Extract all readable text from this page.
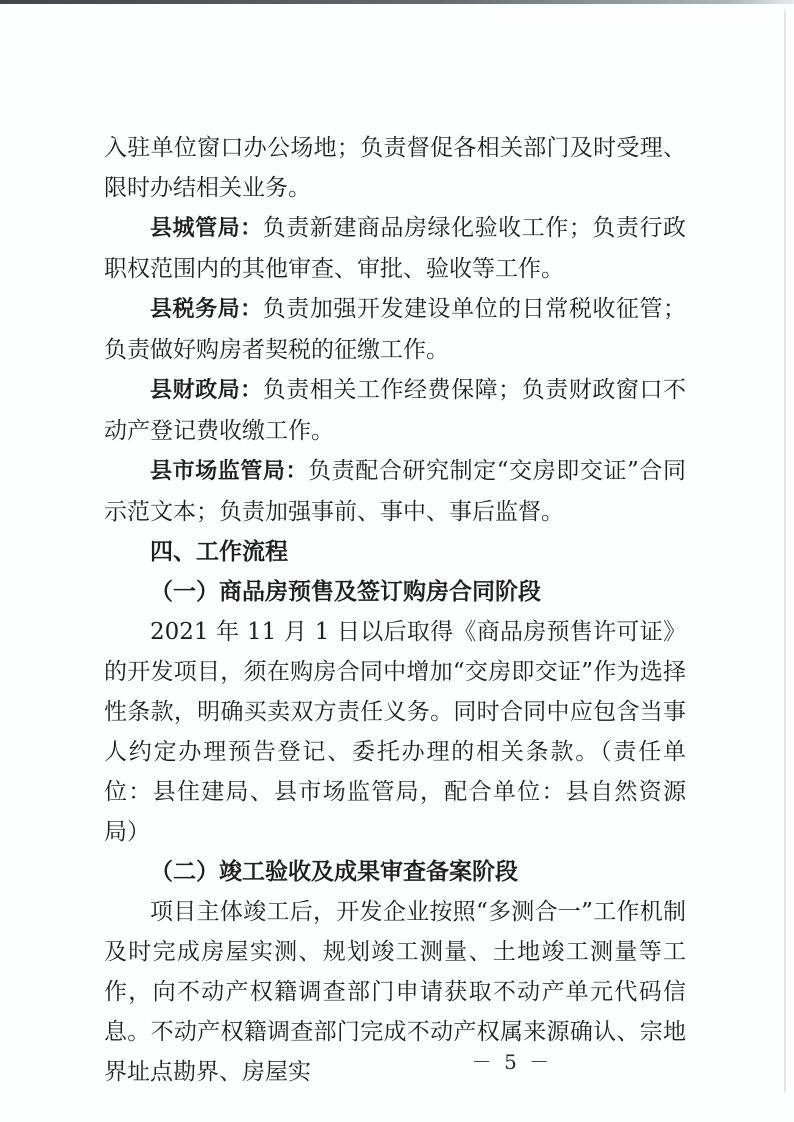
入驻单位窗口办公场地；负责督促各相关部门及时受理、限时办结相关业务。

县城管局：负责新建商品房绿化验收工作；负责行政职权范围内的其他审查、审批、验收等工作。

县税务局：负责加强开发建设单位的日常税收征管；负责做好购房者契税的征缴工作。

县财政局：负责相关工作经费保障；负责财政窗口不动产登记费收缴工作。

县市场监管局：负责配合研究制定“交房即交证”合同示范文本；负责加强事前、事中、事后监督。

四、工作流程
（一）商品房预售及签订购房合同阶段

2021 年 11 月 1 日以后取得《商品房预售许可证》的开发项目，须在购房合同中增加“交房即交证”作为选择性条款，明确买卖双方责任义务。同时合同中应包含当事人约定办理预告登记、委托办理的相关条款。（责任单位：县住建局、县市场监管局，配合单位：县自然资源局）

（二）竣工验收及成果审查备案阶段

项目主体竣工后，开发企业按照“多测合一”工作机制及时完成房屋实测、规划竣工测量、土地竣工测量等工作，向不动产权籍调查部门申请获取不动产单元代码信息。不动产权籍调查部门完成不动产权属来源确认、宗地界址点勘界、房屋实	－ 5 －
